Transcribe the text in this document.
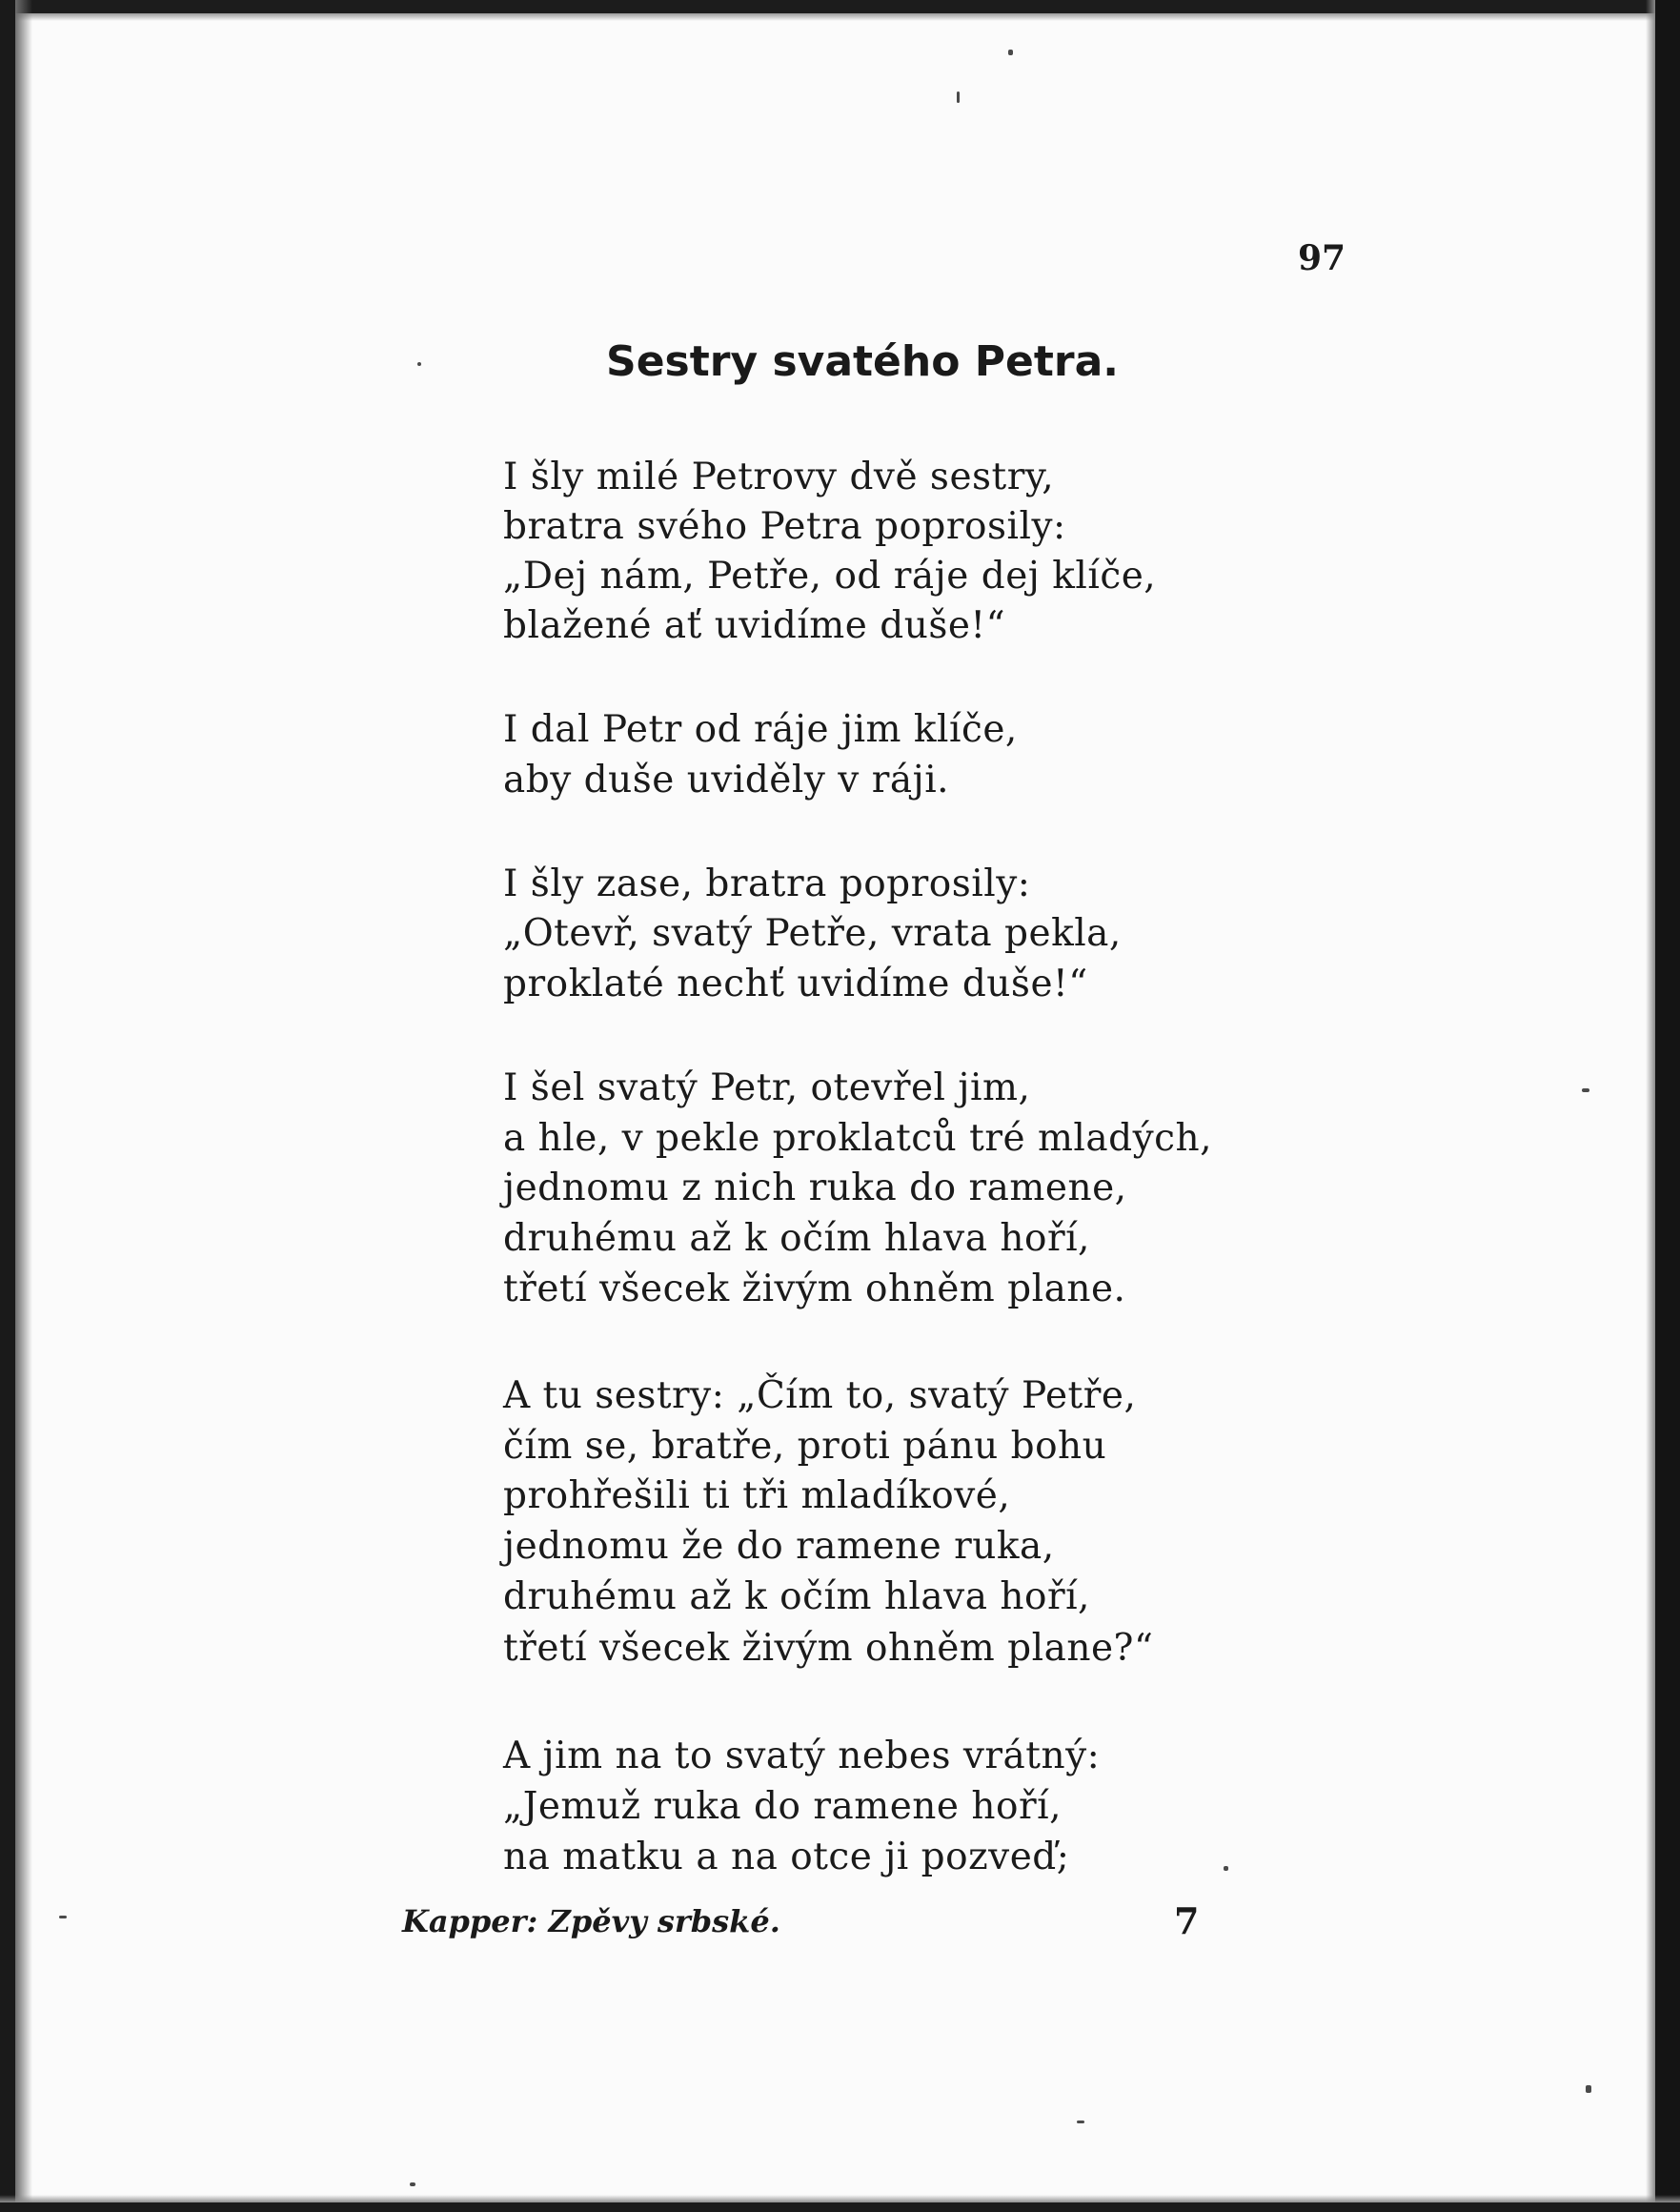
97
Sestry svatého Petra.
I šly milé Petrovy dvě sestry,
bratra svého Petra poprosily:
„Dej nám, Petře, od ráje dej klíče,
blažené ať uvidíme duše!“
I dal Petr od ráje jim klíče,
aby duše uviděly v ráji.
I šly zase, bratra poprosily:
„Otevř, svatý Petře, vrata pekla,
proklaté nechť uvidíme duše!“
I šel svatý Petr, otevřel jim,
a hle, v pekle proklatců tré mladých,
jednomu z nich ruka do ramene,
druhému až k očím hlava hoří,
třetí všecek živým ohněm plane.
A tu sestry: „Čím to, svatý Petře,
čím se, bratře, proti pánu bohu
prohřešili ti tři mladíkové,
jednomu že do ramene ruka,
druhému až k očím hlava hoří,
třetí všecek živým ohněm plane?“
A jim na to svatý nebes vrátný:
„Jemuž ruka do ramene hoří,
na matku a na otce ji pozveď;
Kapper: Zpěvy srbské.	7
